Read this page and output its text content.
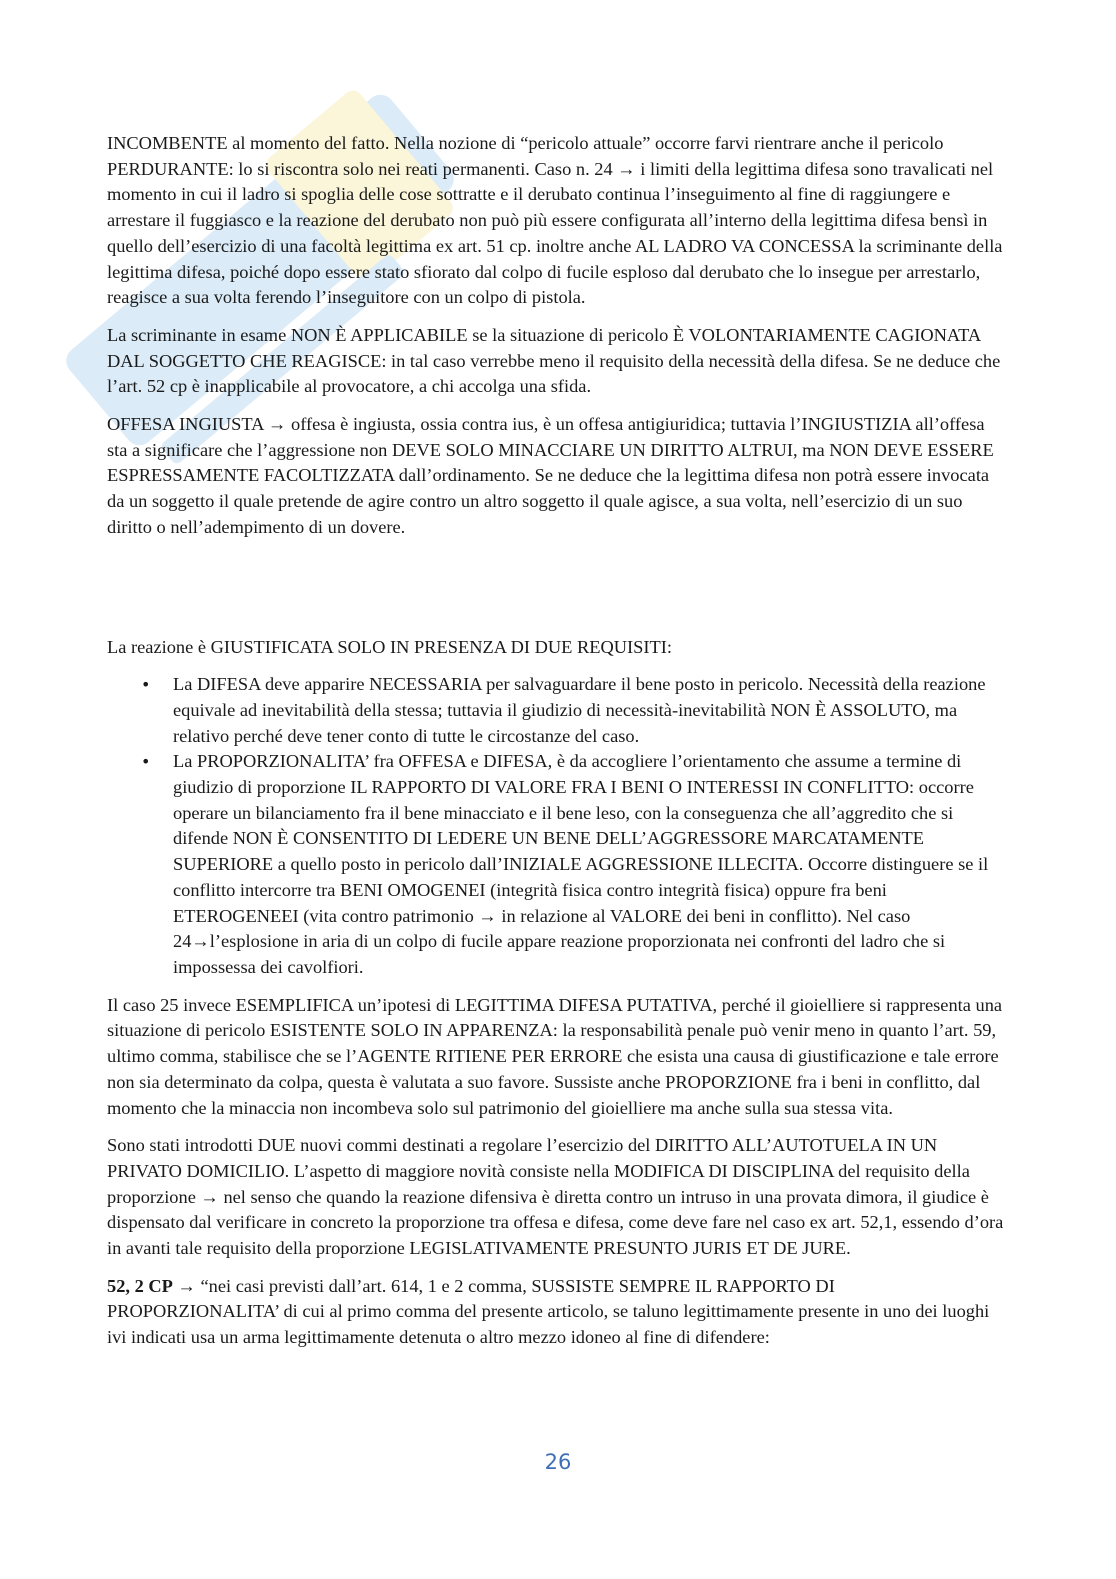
INCOMBENTE al momento del fatto. Nella nozione di “pericolo attuale” occorre farvi rientrare anche il pericolo PERDURANTE: lo si riscontra solo nei reati permanenti. Caso n. 24 → i limiti della legittima difesa sono travalicati nel momento in cui il ladro si spoglia delle cose sottratte e il derubato continua l’inseguimento al fine di raggiungere e arrestare il fuggiasco e la reazione del derubato non può più essere configurata all’interno della legittima difesa bensì in quello dell’esercizio di una facoltà legittima ex art. 51 cp. inoltre anche AL LADRO VA CONCESSA la scriminante della legittima difesa, poiché dopo essere stato sfiorato dal colpo di fucile esploso dal derubato che lo insegue per arrestarlo, reagisce a sua volta ferendo l’inseguitore con un colpo di pistola.

La scriminante in esame NON È APPLICABILE se la situazione di pericolo È VOLONTARIAMENTE CAGIONATA DAL SOGGETTO CHE REAGISCE: in tal caso verrebbe meno il requisito della necessità della difesa. Se ne deduce che l’art. 52 cp è inapplicabile al provocatore, a chi accolga una sfida.

OFFESA INGIUSTA → offesa è ingiusta, ossia contra ius, è un offesa antigiuridica; tuttavia l’INGIUSTIZIA all’offesa sta a significare che l’aggressione non DEVE SOLO MINACCIARE UN DIRITTO ALTRUI, ma NON DEVE ESSERE ESPRESSAMENTE FACOLTIZZATA dall’ordinamento. Se ne deduce che la legittima difesa non potrà essere invocata da un soggetto il quale pretende de agire contro un altro soggetto il quale agisce, a sua volta, nell’esercizio di un suo diritto o nell’adempimento di un dovere.

La reazione è GIUSTIFICATA SOLO IN PRESENZA DI DUE REQUISITI:

• La DIFESA deve apparire NECESSARIA per salvaguardare il bene posto in pericolo. Necessità della reazione equivale ad inevitabilità della stessa; tuttavia il giudizio di necessità-inevitabilità NON È ASSOLUTO, ma relativo perché deve tener conto di tutte le circostanze del caso.
• La PROPORZIONALITA’ fra OFFESA e DIFESA, è da accogliere l’orientamento che assume a termine di giudizio di proporzione IL RAPPORTO DI VALORE FRA I BENI O INTERESSI IN CONFLITTO: occorre operare un bilanciamento fra il bene minacciato e il bene leso, con la conseguenza che all’aggredito che si difende NON È CONSENTITO DI LEDERE UN BENE DELL’AGGRESSORE MARCATAMENTE SUPERIORE a quello posto in pericolo dall’INIZIALE AGGRESSIONE ILLECITA. Occorre distinguere se il conflitto intercorre tra BENI OMOGENEI (integrità fisica contro integrità fisica) oppure fra beni ETEROGENEEI (vita contro patrimonio → in relazione al VALORE dei beni in conflitto). Nel caso 24→l’esplosione in aria di un colpo di fucile appare reazione proporzionata nei confronti del ladro che si impossessa dei cavolfiori.

Il caso 25 invece ESEMPLIFICA un’ipotesi di LEGITTIMA DIFESA PUTATIVA, perché il gioielliere si rappresenta una situazione di pericolo ESISTENTE SOLO IN APPARENZA: la responsabilità penale può venir meno in quanto l’art. 59, ultimo comma, stabilisce che se l’AGENTE RITIENE PER ERRORE che esista una causa di giustificazione e tale errore non sia determinato da colpa, questa è valutata a suo favore. Sussiste anche PROPORZIONE fra i beni in conflitto, dal momento che la minaccia non incombeva solo sul patrimonio del gioielliere ma anche sulla sua stessa vita.

Sono stati introdotti DUE nuovi commi destinati a regolare l’esercizio del DIRITTO ALL’AUTOTUELA IN UN PRIVATO DOMICILIO. L’aspetto di maggiore novità consiste nella MODIFICA DI DISCIPLINA del requisito della proporzione → nel senso che quando la reazione difensiva è diretta contro un intruso in una provata dimora, il giudice è dispensato dal verificare in concreto la proporzione tra offesa e difesa, come deve fare nel caso ex art. 52,1, essendo d’ora in avanti tale requisito della proporzione LEGISLATIVAMENTE PRESUNTO JURIS ET DE JURE.

52, 2 CP → “nei casi previsti dall’art. 614, 1 e 2 comma, SUSSISTE SEMPRE IL RAPPORTO DI PROPORZIONALITA’ di cui al primo comma del presente articolo, se taluno legittimamente presente in uno dei luoghi ivi indicati usa un arma legittimamente detenuta o altro mezzo idoneo al fine di difendere:

26
